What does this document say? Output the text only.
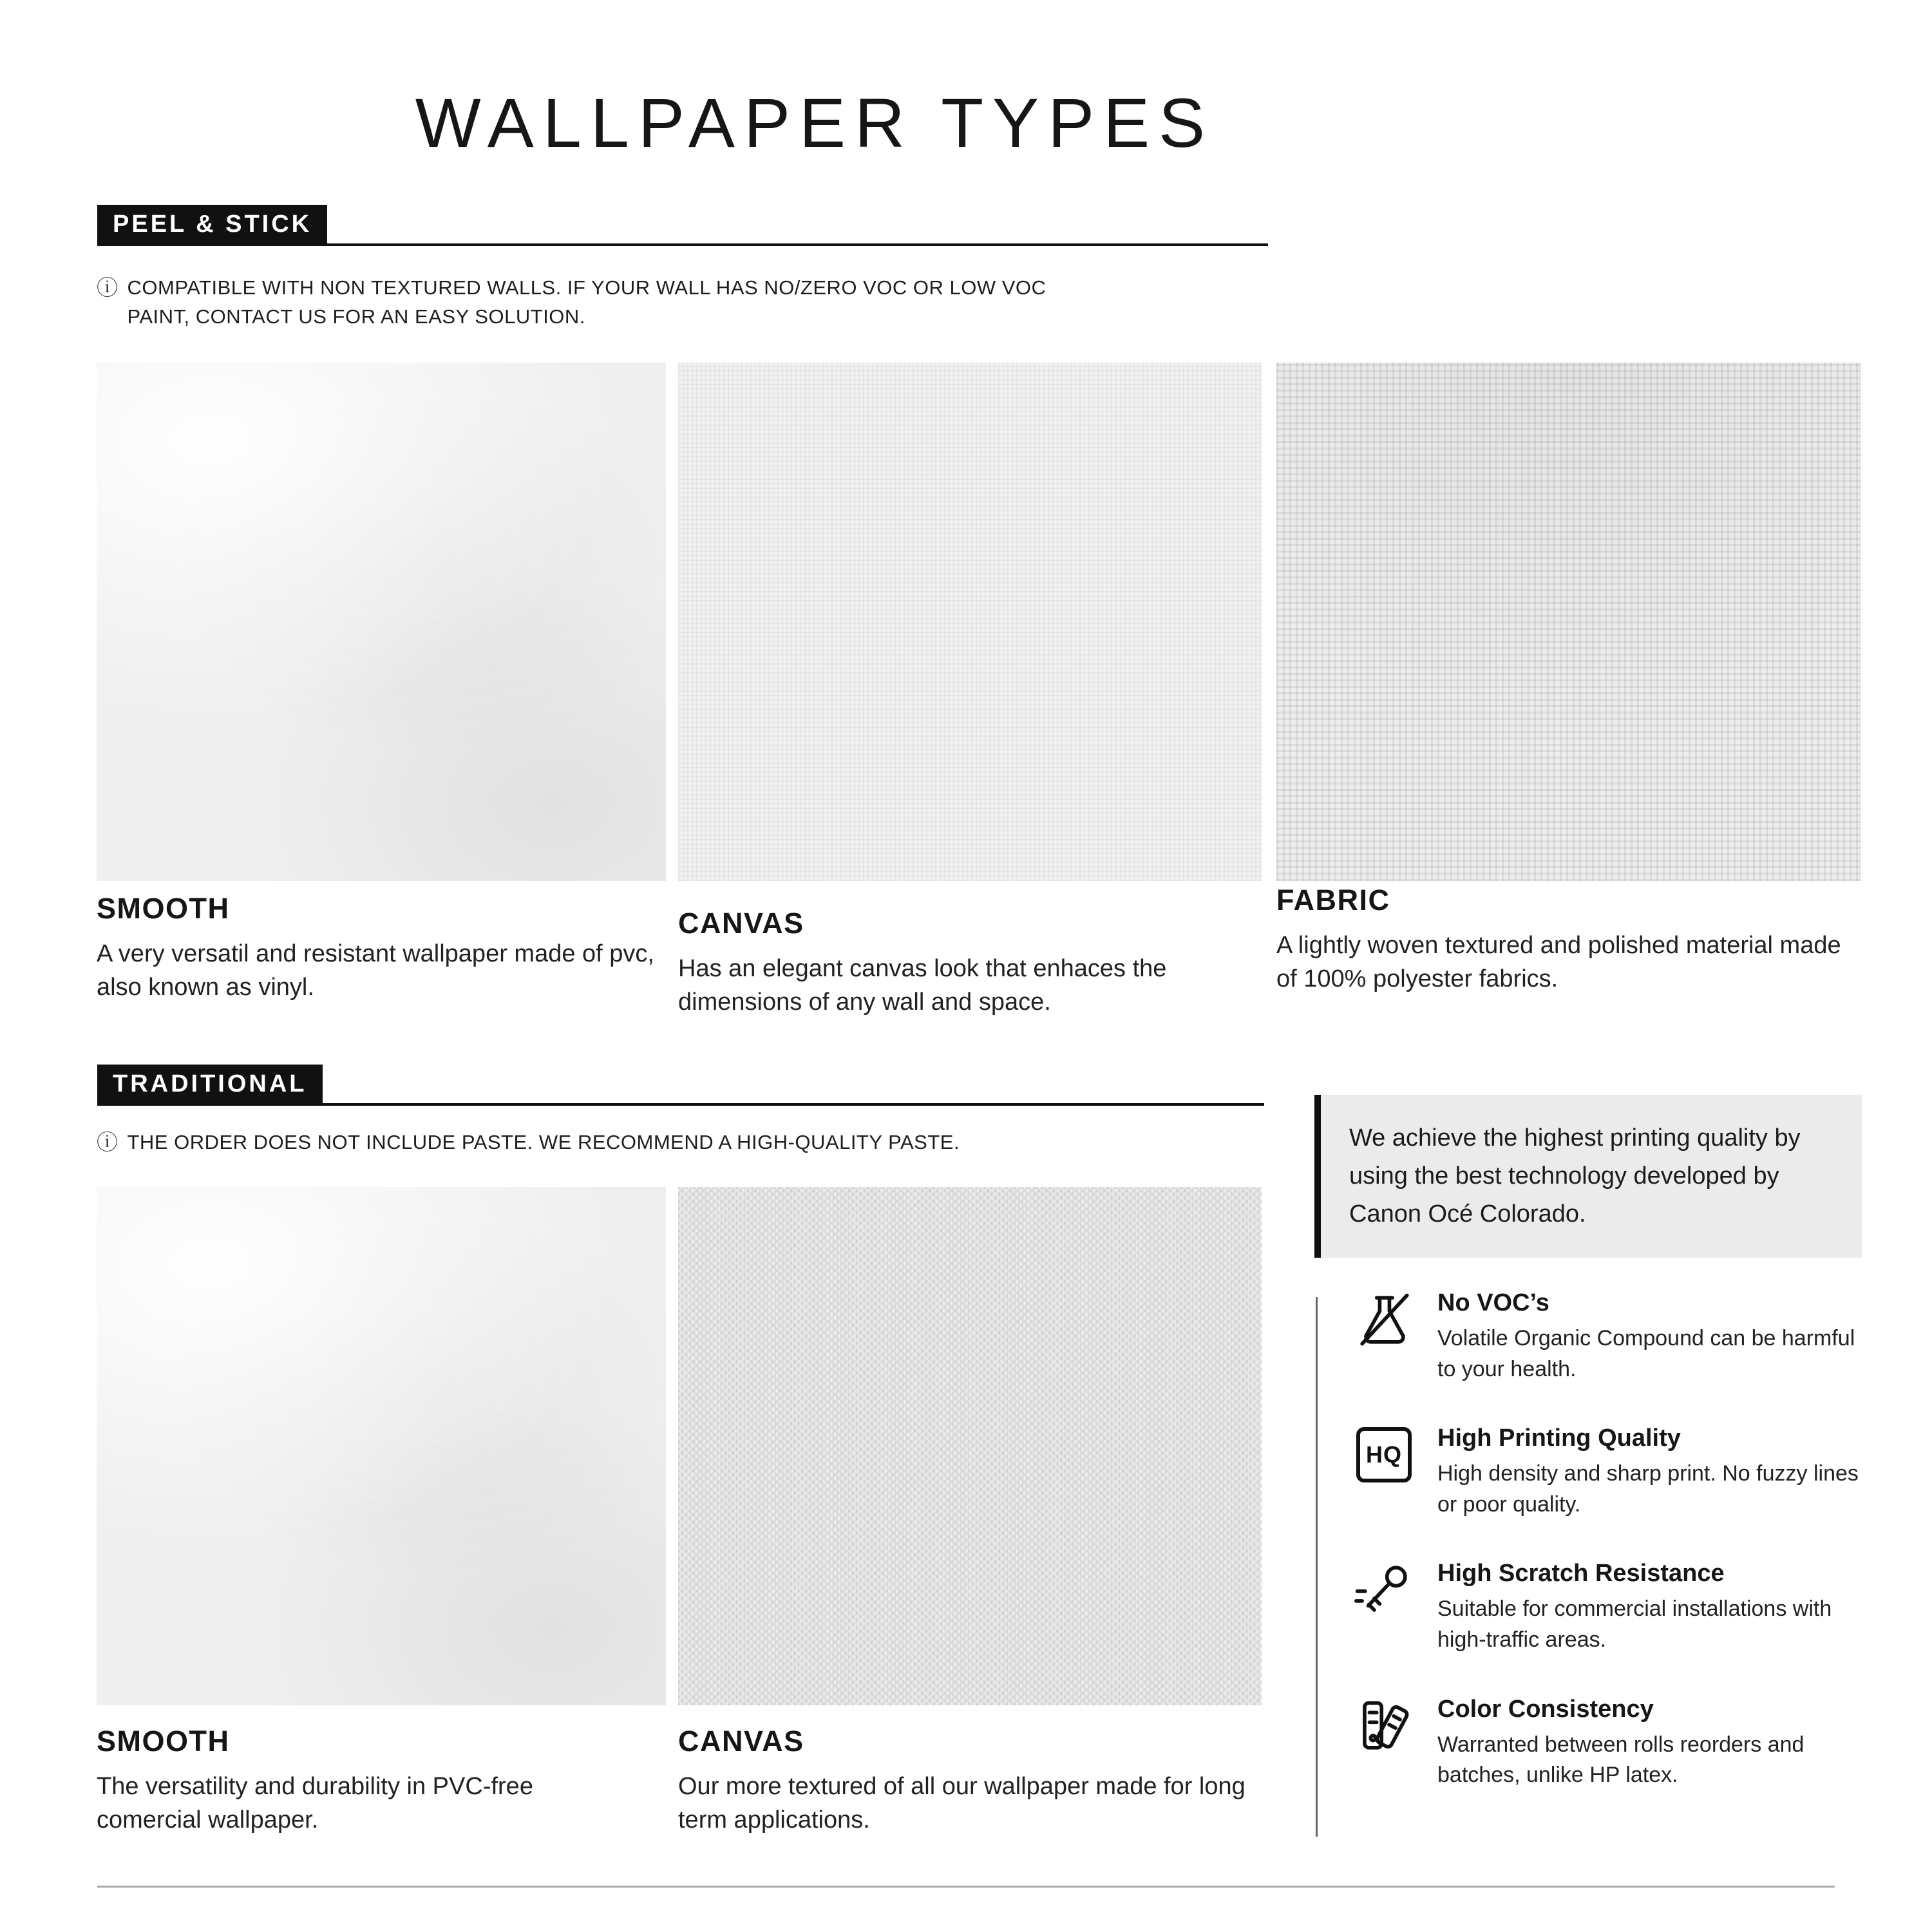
WALLPAPER TYPES
PEEL & STICK
ⓘ COMPATIBLE WITH NON TEXTURED WALLS. IF YOUR WALL HAS NO/ZERO VOC OR LOW VOC PAINT, CONTACT US FOR AN EASY SOLUTION.

SMOOTH

A very versatil and resistant wallpaper made of pvc, also known as vinyl.

CANVAS

Has an elegant canvas look that enhaces the dimensions of any wall and space.

FABRIC

A lightly woven textured and polished material made of 100% polyester fabrics.

TRADITIONAL
ⓘ THE ORDER DOES NOT INCLUDE PASTE. WE RECOMMEND A HIGH-QUALITY PASTE.

SMOOTH

The versatility and durability in PVC-free comercial wallpaper.

CANVAS

Our more textured of all our wallpaper made for long term applications.

We achieve the highest printing quality by using the best technology developed by Canon Océ Colorado.

No VOC’s

Volatile Organic Compound can be harmful to your health.

HQ

High Printing Quality

High density and sharp print. No fuzzy lines or poor quality.

High Scratch Resistance

Suitable for commercial installations with high-traffic areas.

Color Consistency

Warranted between rolls reorders and batches, unlike HP latex.
